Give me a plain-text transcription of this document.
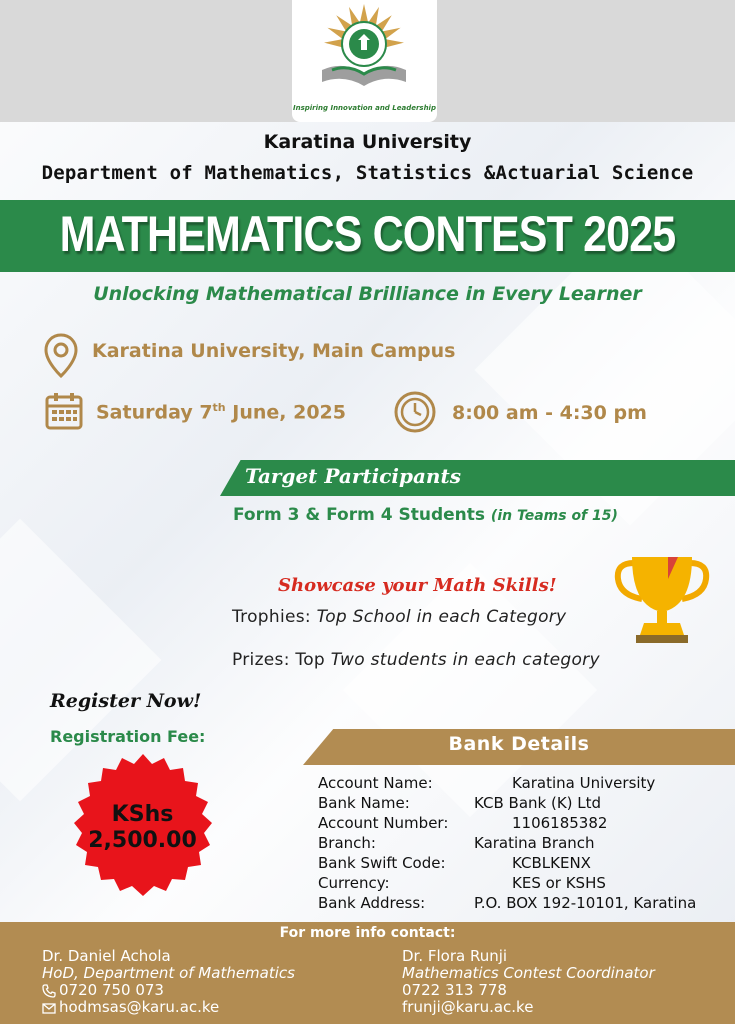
Inspiring Innovation and Leadership
Karatina University
Department of Mathematics, Statistics &Actuarial Science
MATHEMATICS CONTEST 2025
Unlocking Mathematical Brilliance in Every Learner
Karatina University, Main Campus
Saturday 7th June, 2025	8:00 am - 4:30 pm
Target Participants
Form 3 & Form 4 Students (in Teams of 15)
Showcase your Math Skills!
Trophies: Top School in each Category
Prizes: Top Two students in each category
Register Now!
Registration Fee:
KShs
2,500.00
Bank Details
Account Name:	Karatina University
Bank Name:	KCB Bank (K) Ltd
Account Number:	1106185382
Branch:	Karatina Branch
Bank Swift Code:	KCBLKENX
Currency:	KES or KSHS
Bank Address:	P.O. BOX 192-10101, Karatina
For more info contact:
Dr. Daniel Achola
HoD, Department of Mathematics
0720 750 073
hodmsas@karu.ac.ke
Dr. Flora Runji
Mathematics Contest Coordinator
0722 313 778
frunji@karu.ac.ke
